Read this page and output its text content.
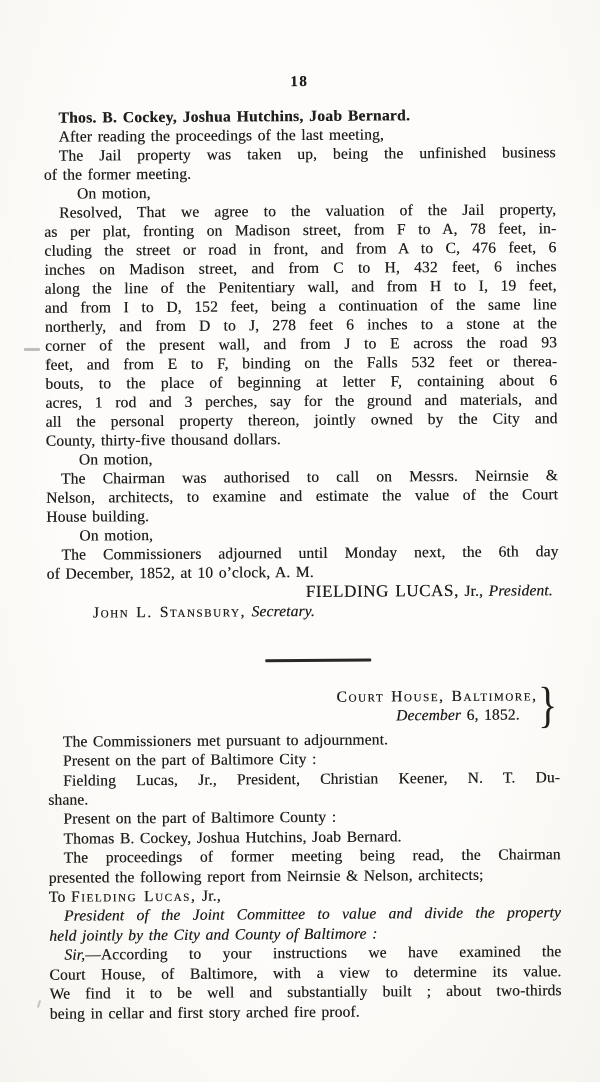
18
Thos. B. Cockey, Joshua Hutchins, Joab Bernard.
After reading the proceedings of the last meeting,
The Jail property was taken up, being the unfinished business
of the former meeting.
On motion,
Resolved, That we agree to the valuation of the Jail property,
as per plat, fronting on Madison street, from F to A, 78 feet, in-
cluding the street or road in front, and from A to C, 476 feet, 6
inches on Madison street, and from C to H, 432 feet, 6 inches
along the line of the Penitentiary wall, and from H to I, 19 feet,
and from I to D, 152 feet, being a continuation of the same line
northerly, and from D to J, 278 feet 6 inches to a stone at the
corner of the present wall, and from J to E across the road 93
feet, and from E to F, binding on the Falls 532 feet or therea-
bouts, to the place of beginning at letter F, containing about 6
acres, 1 rod and 3 perches, say for the ground and materials, and
all the personal property thereon, jointly owned by the City and
County, thirty-five thousand dollars.
On motion,
The Chairman was authorised to call on Messrs. Neirnsie &
Nelson, architects, to examine and estimate the value of the Court
House building.
On motion,
The Commissioners adjourned until Monday next, the 6th day
of December, 1852, at 10 o’clock, A. M.
FIELDING LUCAS, Jr., President.
John L. Stansbury, Secretary.
Court House, Baltimore,
December 6, 1852. }
The Commissioners met pursuant to adjournment.
Present on the part of Baltimore City :
Fielding Lucas, Jr., President, Christian Keener, N. T. Du-
shane.
Present on the part of Baltimore County :
Thomas B. Cockey, Joshua Hutchins, Joab Bernard.
The proceedings of former meeting being read, the Chairman
presented the following report from Neirnsie & Nelson, architects;
To Fielding Lucas, Jr.,
President of the Joint Committee to value and divide the property
held jointly by the City and County of Baltimore :
Sir,—According to your instructions we have examined the
Court House, of Baltimore, with a view to determine its value.
We find it to be well and substantially built ; about two-thirds
being in cellar and first story arched fire proof.
